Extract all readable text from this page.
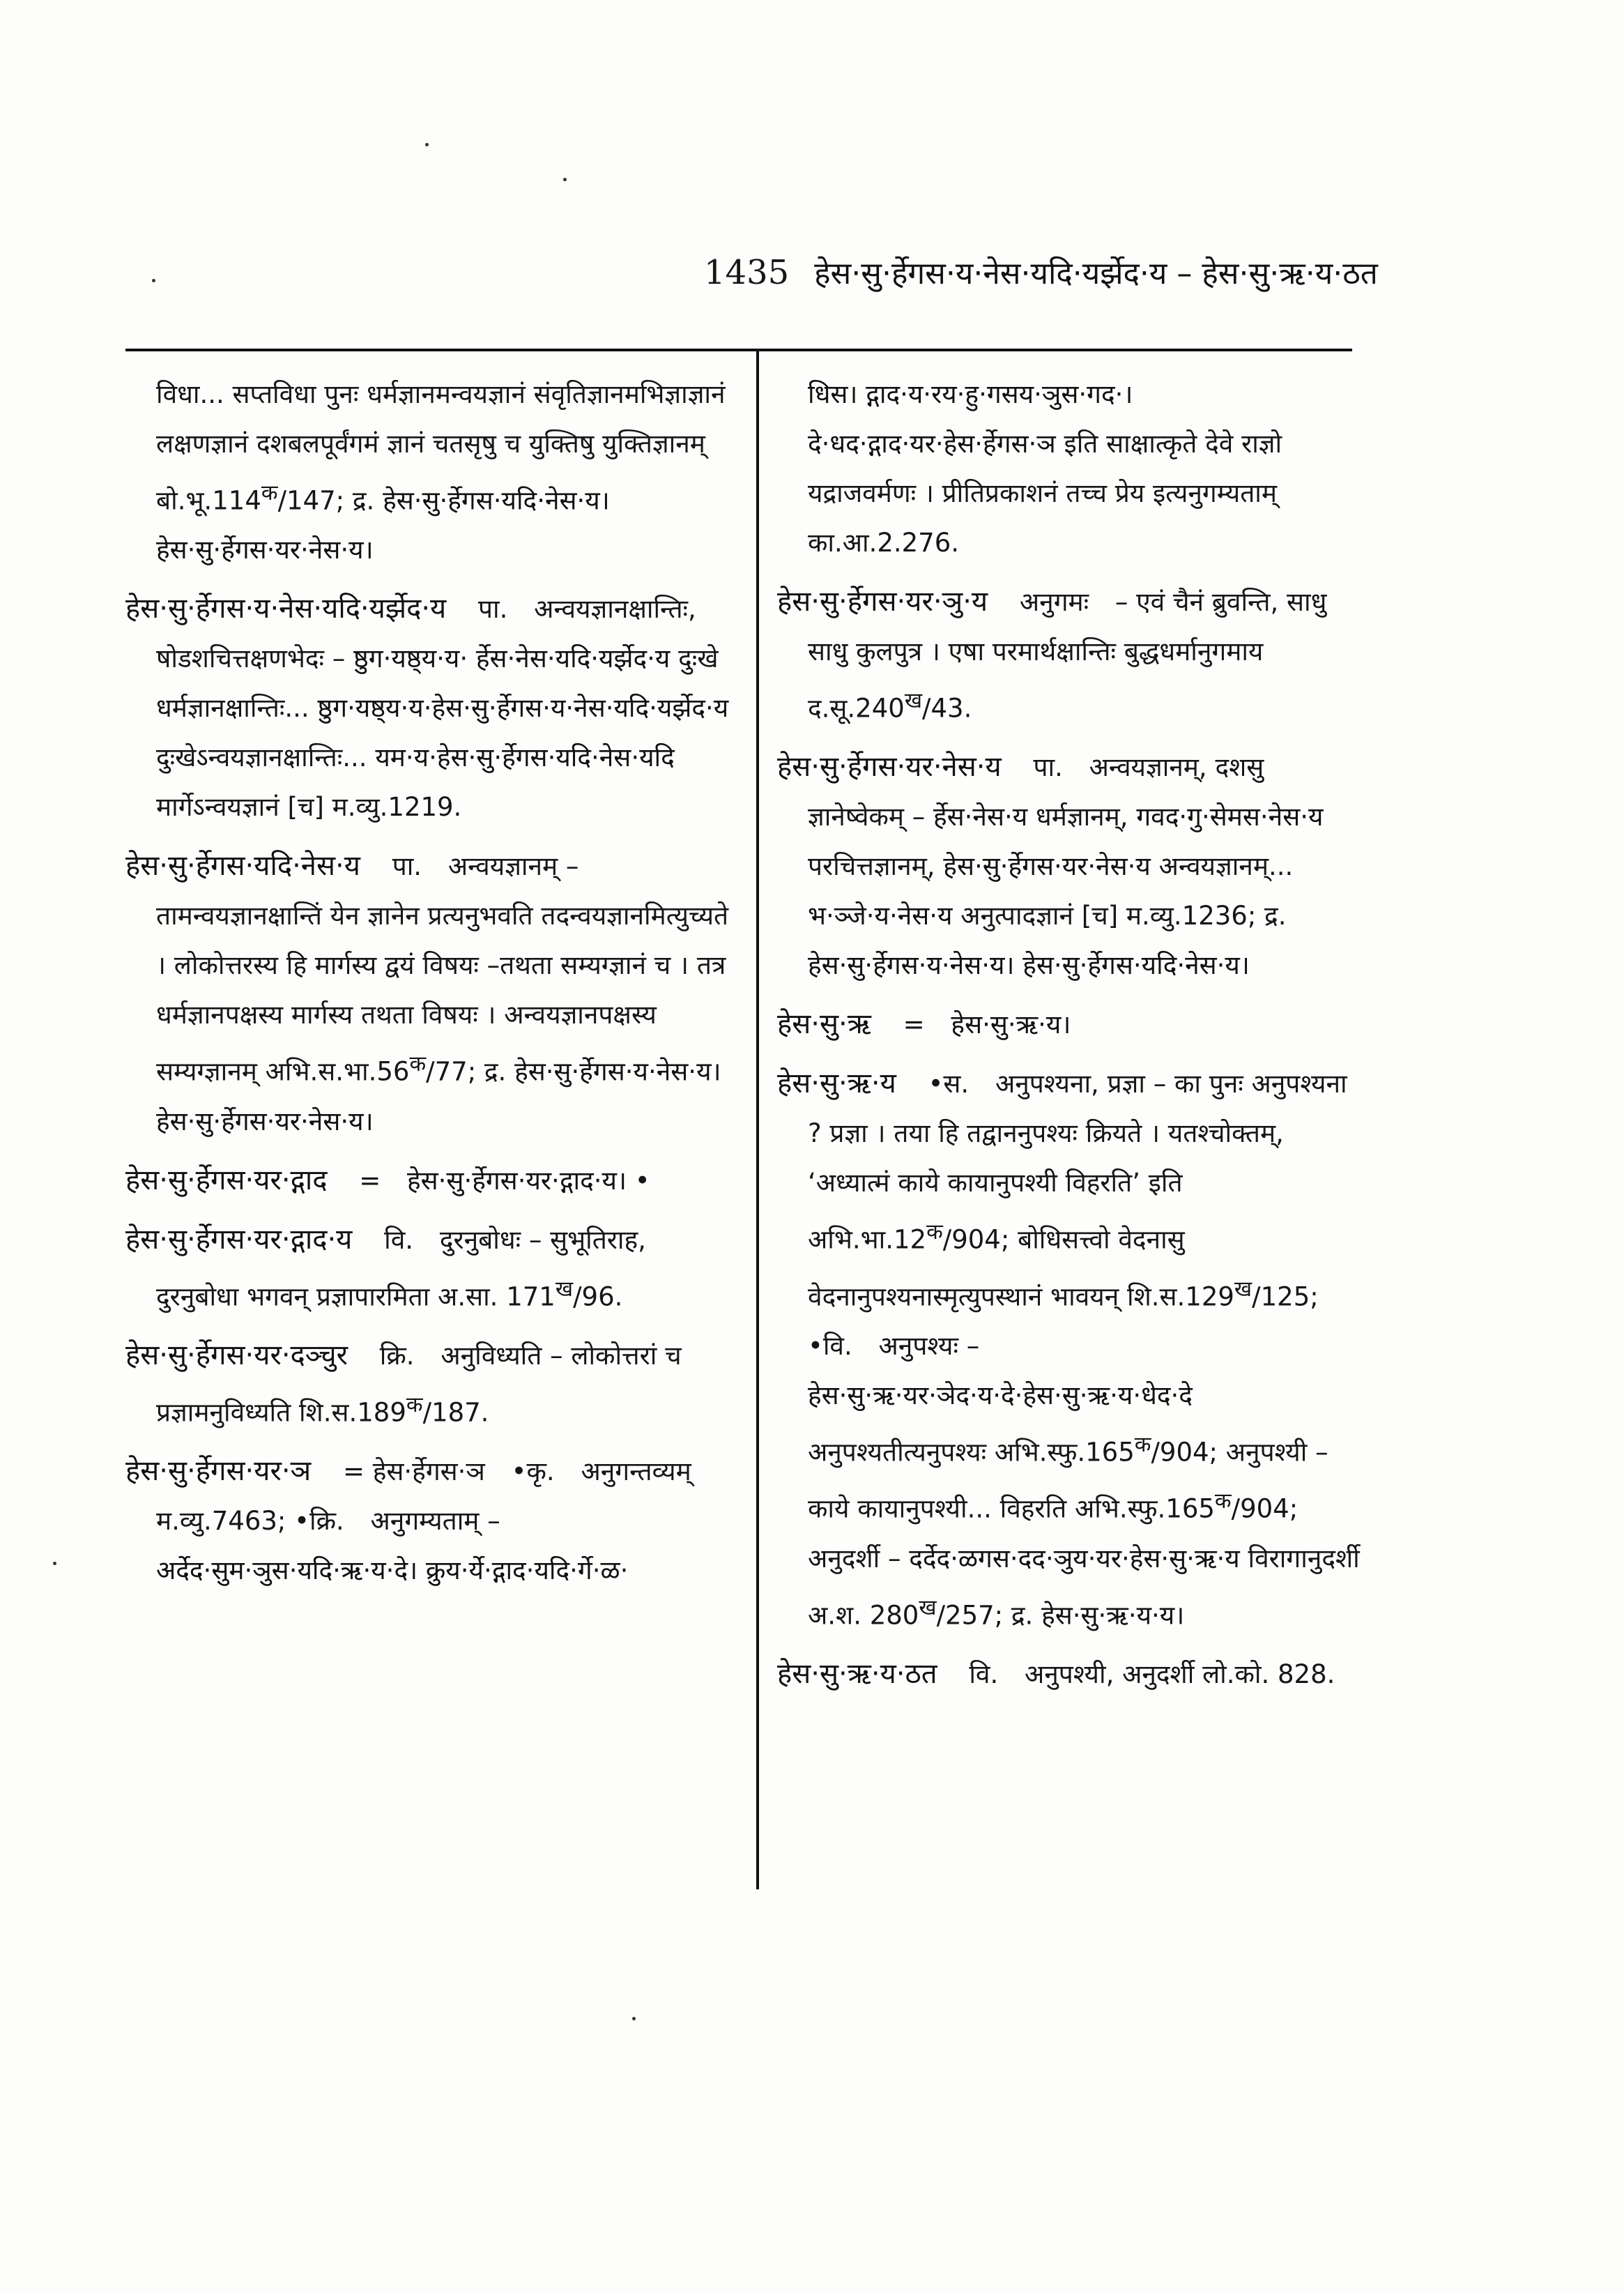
1435 हेस·सु·र्हेगस·य·नेस·यदि·यर्झेद·य – हेस·सु·ऋ·य·ठत
विधा... सप्तविधा पुनः धर्मज्ञानमन्वयज्ञानं संवृतिज्ञानमभिज्ञाज्ञानं लक्षणज्ञानं दशबलपूर्वंगमं ज्ञानं चतसृषु च युक्तिषु युक्तिज्ञानम् $बो.भू.114^क/147$; द्र. हेस·सु·र्हेगस·यदि·नेस·य। हेस·सु·र्हेगस·यर·नेस·य।
हेस·सु·र्हेगस·य·नेस·यदि·यर्झेद·य पा. अन्वयज्ञानक्षान्तिः, षोडशचित्तक्षणभेदः – ष्ठुग·यष्ठ्य·य· र्हेस·नेस·यदि·यर्झेद·य दुःखे धर्मज्ञानक्षान्तिः... ष्ठुग·यष्ठ्य·य·हेस·सु·र्हेगस·य·नेस·यदि·यर्झेद·य दुःखेऽन्वयज्ञानक्षान्तिः... यम·य·हेस·सु·र्हेगस·यदि·नेस·यदि मार्गेऽन्वयज्ञानं [च] म.व्यु.1219.
हेस·सु·र्हेगस·यदि·नेस·य पा. अन्वयज्ञानम् – तामन्वयज्ञानक्षान्तिं येन ज्ञानेन प्रत्यनुभवति तदन्वयज्ञानमित्युच्यते । लोकोत्तरस्य हि मार्गस्य द्वयं विषयः –तथता सम्यग्ज्ञानं च । तत्र धर्मज्ञानपक्षस्य मार्गस्य तथता विषयः । अन्वयज्ञानपक्षस्य सम्यग्ज्ञानम् $अभि.स.भा.56^क/77$; द्र. हेस·सु·र्हेगस·य·नेस·य। हेस·सु·र्हेगस·यर·नेस·य।
हेस·सु·र्हेगस·यर·द्गाद = हेस·सु·र्हेगस·यर·द्गाद·य। •
हेस·सु·र्हेगस·यर·द्गाद·य वि. दुरनुबोधः – सुभूतिराह, दुरनुबोधा भगवन् प्रज्ञापारमिता अ.सा. $171^ख/96$.
हेस·सु·र्हेगस·यर·दञ्चुर क्रि. अनुविध्यति – लोकोत्तरां च प्रज्ञामनुविध्यति $शि.स.189^क/187$.
हेस·सु·र्हेगस·यर·ञ = हेस·र्हेगस·ञ •कृ. अनुगन्तव्यम् म.व्यु.7463; •क्रि. अनुगम्यताम् – अर्देद·सुम·ञुस·यदि·ऋ·य·दे। क्रुय·र्ये·द्गाद·यदि·र्गे·ळ·
धिस। द्गाद·य·रय·हु·गसय·ञुस·गद·। दे·धद·द्गाद·यर·हेस·र्हेगस·ञ इति साक्षात्कृते देवे राज्ञो यद्राजवर्मणः । प्रीतिप्रकाशनं तच्च प्रेय इत्यनुगम्यताम् का.आ.2.276.
हेस·सु·र्हेगस·यर·ञु·य अनुगमः – एवं चैनं ब्रुवन्ति, साधु साधु कुलपुत्र । एषा परमार्थक्षान्तिः बुद्धधर्मानुगमाय $द.सू.240^ख/43$.
हेस·सु·र्हेगस·यर·नेस·य पा. अन्वयज्ञानम्, दशसु ज्ञानेष्वेकम् – र्हेस·नेस·य धर्मज्ञानम्, गवद·गु·सेमस·नेस·य परचित्तज्ञानम्, हेस·सु·र्हेगस·यर·नेस·य अन्वयज्ञानम्... भ·ञ्जे·य·नेस·य अनुत्पादज्ञानं [च] म.व्यु.1236; द्र. हेस·सु·र्हेगस·य·नेस·य। हेस·सु·र्हेगस·यदि·नेस·य।
हेस·सु·ऋ = हेस·सु·ऋ·य।
हेस·सु·ऋ·य •स. अनुपश्यना, प्रज्ञा – का पुनः अनुपश्यना ? प्रज्ञा । तया हि तद्वाननुपश्यः क्रियते । यतश्चोक्तम्, ‘अध्यात्मं काये कायानुपश्यी विहरति’ इति $अभि.भा.12^क/904$; बोधिसत्त्वो वेदनासु वेदनानुपश्यनास्मृत्युपस्थानं भावयन् $शि.स.129^ख/125$; •वि. अनुपश्यः – हेस·सु·ऋ·यर·ञेद·य·दे·हेस·सु·ऋ·य·धेद·दे अनुपश्यतीत्यनुपश्यः $अभि.स्फु.165^क/904$; अनुपश्यी – काये कायानुपश्यी... विहरति $अभि.स्फु.165^क/904$; अनुदर्शी – दर्देद·ळगस·दद·ञुय·यर·हेस·सु·ऋ·य विरागानुदर्शी अ.श. $280^ख/257$; द्र. हेस·सु·ऋ·य·य।
हेस·सु·ऋ·य·ठत वि. अनुपश्यी, अनुदर्शी लो.को. 828.
